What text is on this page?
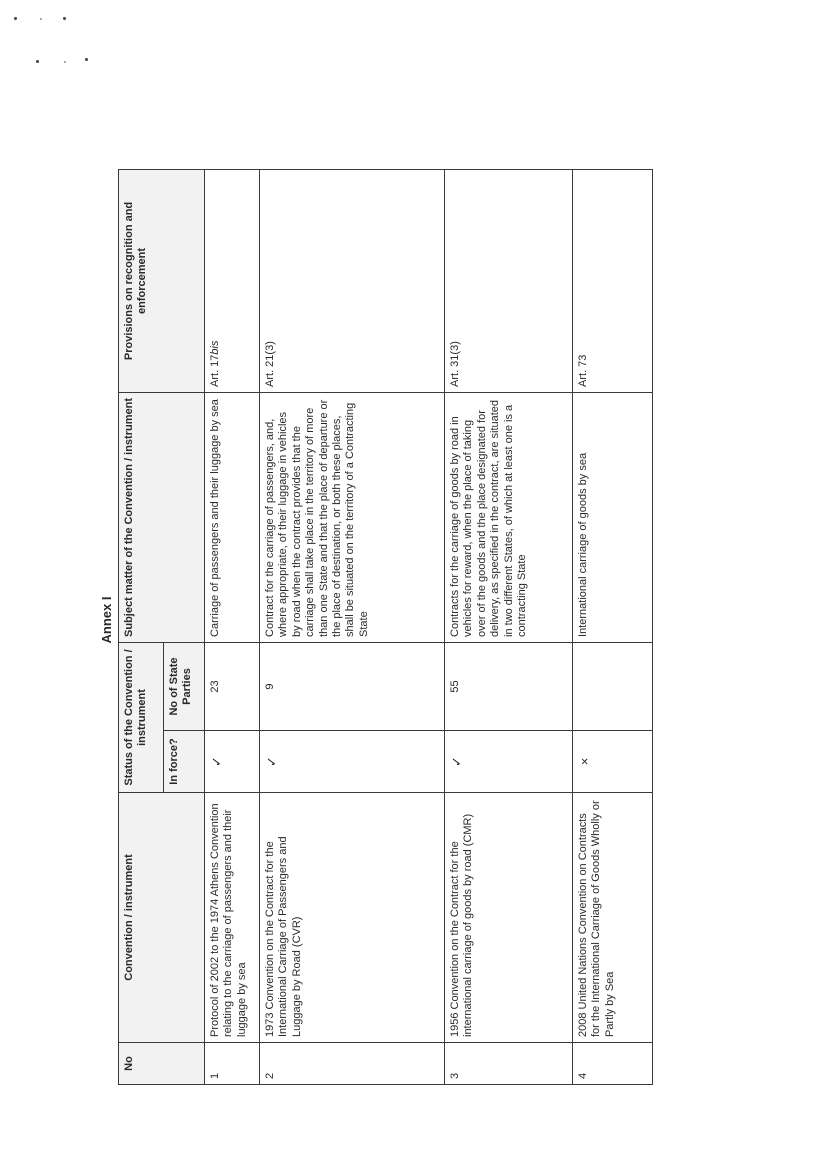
Annex I
No	Convention / instrument	Status of the Convention / instrument		Subject matter of the Convention / instrument	Provisions on recognition and enforcement
		In force?	No of State Parties		
1	Protocol of 2002 to the 1974 Athens Convention relating to the carriage of passengers and their luggage by sea	✓	23	Carriage of passengers and their luggage by sea	Art. 17bis
2	1973 Convention on the Contract for the International Carriage of Passengers and Luggage by Road (CVR)	✓	9	Contract for the carriage of passengers, and, where appropriate, of their luggage in vehicles by road when the contract provides that the carriage shall take place in the territory of more than one State and that the place of departure or the place of destination, or both these places, shall be situated on the territory of a Contracting State	Art. 21(3)
3	1956 Convention on the Contract for the international carriage of goods by road (CMR)	✓	55	Contracts for the carriage of goods by road in vehicles for reward, when the place of taking over of the goods and the place designated for delivery, as specified in the contract, are situated in two different States, of which at least one is a contracting State	Art. 31(3)
4	2008 United Nations Convention on Contracts for the International Carriage of Goods Wholly or Partly by Sea	×		International carriage of goods by sea	Art. 73
